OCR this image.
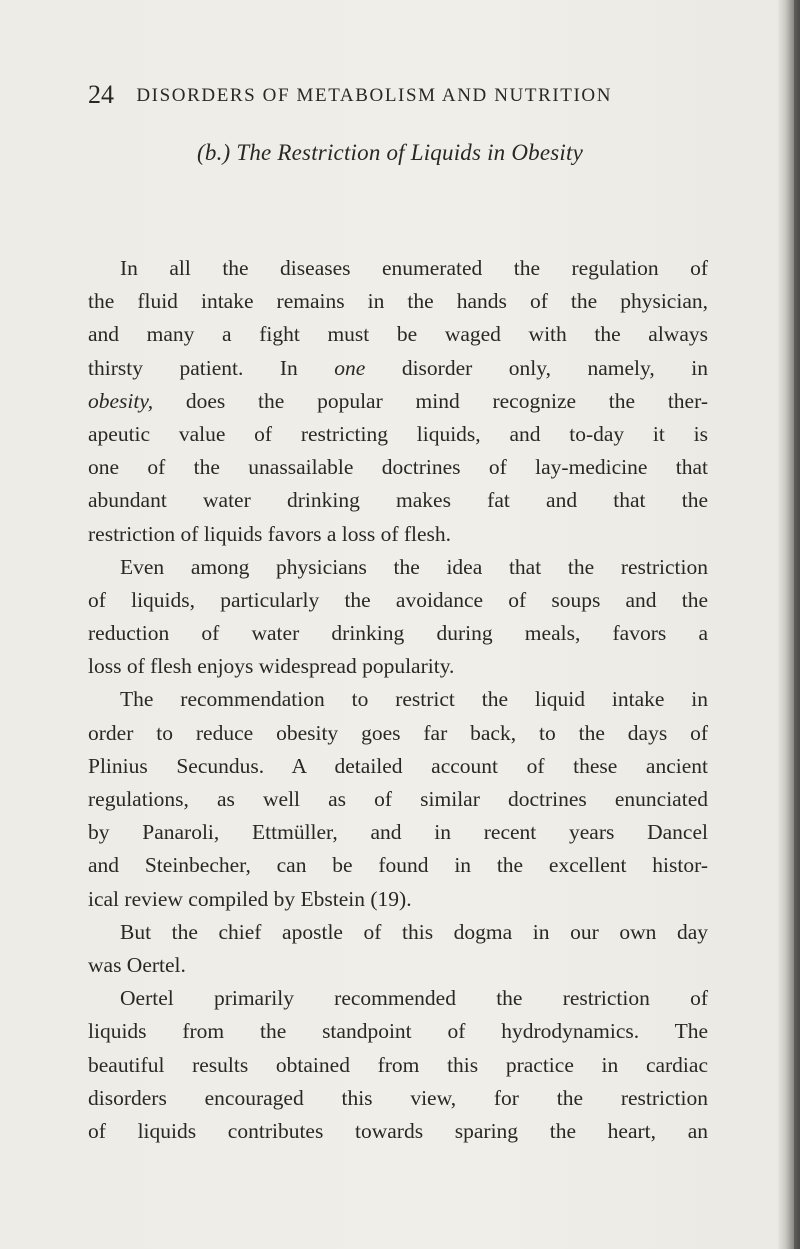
24 DISORDERS OF METABOLISM AND NUTRITION
(b.) The Restriction of Liquids in Obesity
In all the diseases enumerated the regulation of
the fluid intake remains in the hands of the physician,
and many a fight must be waged with the always
thirsty patient. In one disorder only, namely, in
obesity, does the popular mind recognize the ther-
apeutic value of restricting liquids, and to-day it is
one of the unassailable doctrines of lay-medicine that
abundant water drinking makes fat and that the
restriction of liquids favors a loss of flesh.
Even among physicians the idea that the restriction
of liquids, particularly the avoidance of soups and the
reduction of water drinking during meals, favors a
loss of flesh enjoys widespread popularity.
The recommendation to restrict the liquid intake in
order to reduce obesity goes far back, to the days of
Plinius Secundus. A detailed account of these ancient
regulations, as well as of similar doctrines enunciated
by Panaroli, Ettmüller, and in recent years Dancel
and Steinbecher, can be found in the excellent histor-
ical review compiled by Ebstein (19).
But the chief apostle of this dogma in our own day
was Oertel.
Oertel primarily recommended the restriction of
liquids from the standpoint of hydrodynamics. The
beautiful results obtained from this practice in cardiac
disorders encouraged this view, for the restriction
of liquids contributes towards sparing the heart, an
